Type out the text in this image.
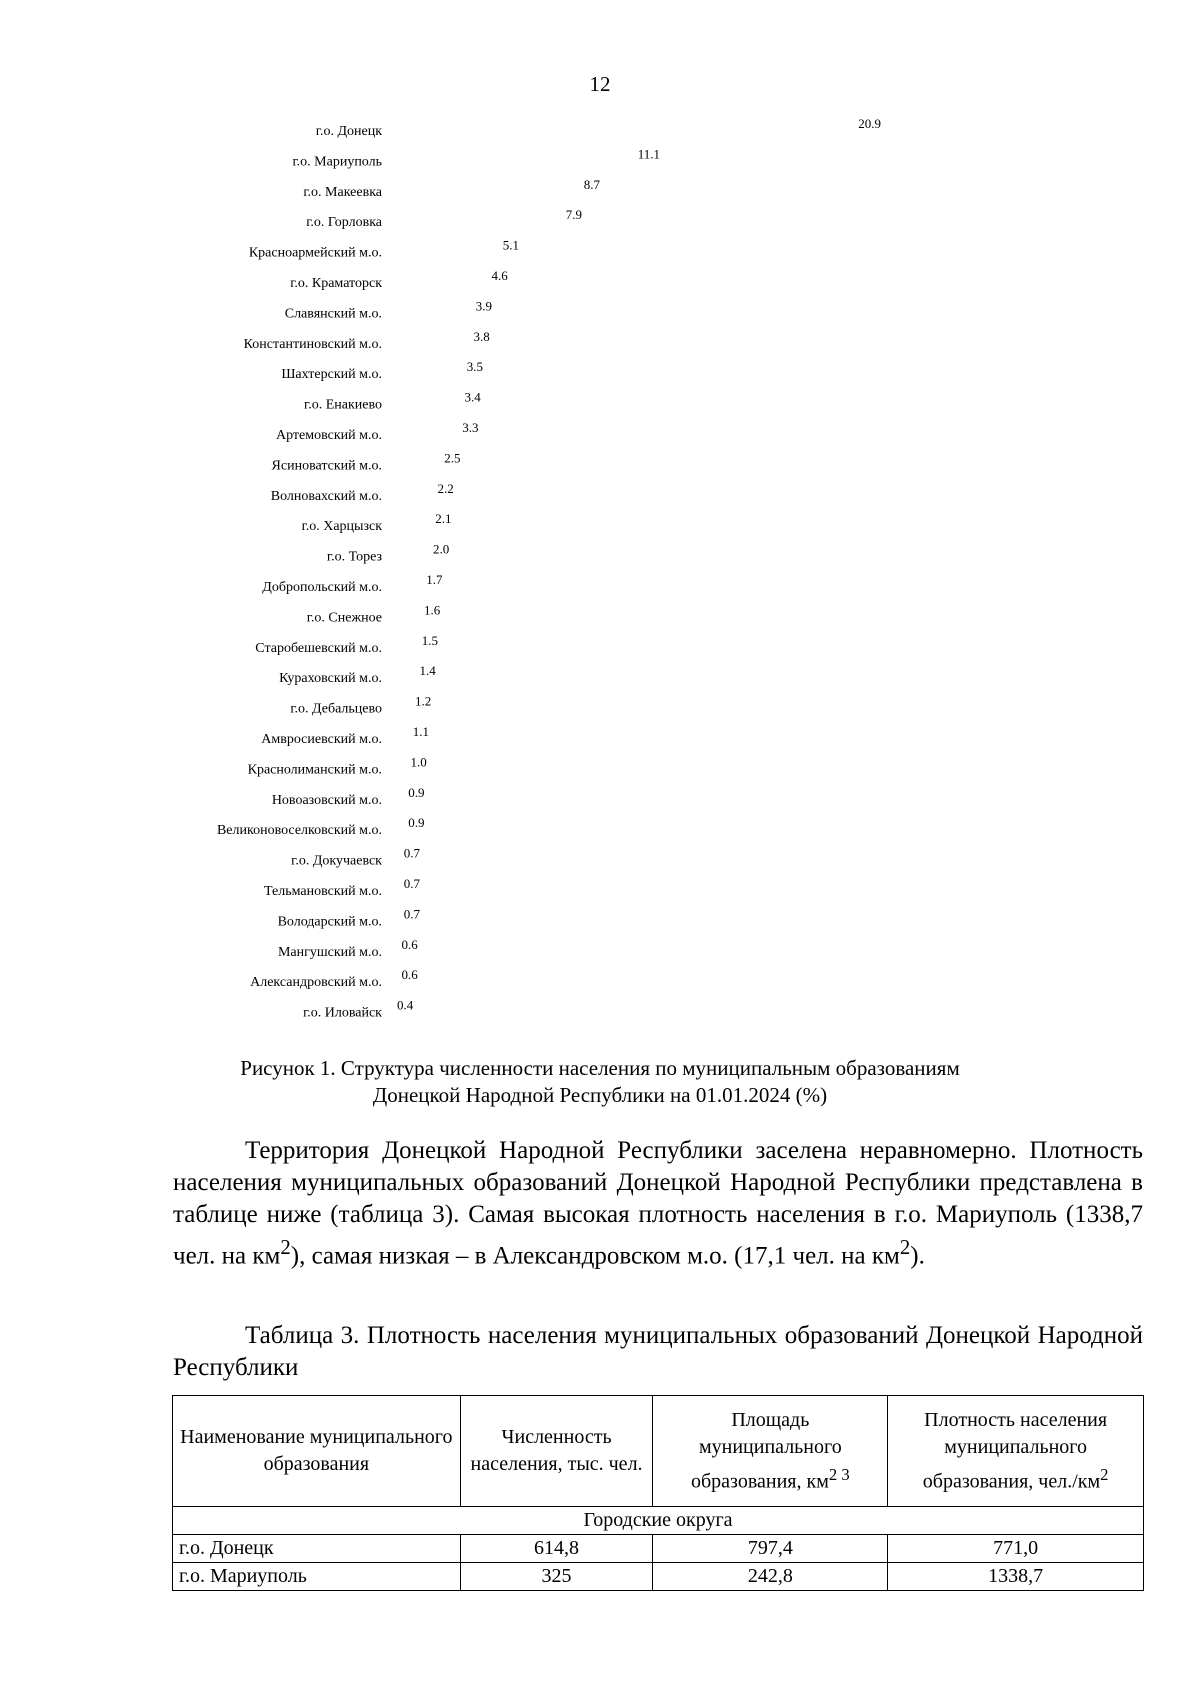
12
г.о. Донецк
20.9
г.о. Мариуполь
11.1
г.о. Макеевка
8.7
г.о. Горловка
7.9
Красноармейский м.о.
5.1
г.о. Краматорск
4.6
Славянский м.о.
3.9
Константиновский м.о.
3.8
Шахтерский м.о.
3.5
г.о. Енакиево
3.4
Артемовский м.о.
3.3
Ясиноватский м.о.
2.5
Волновахский м.о.
2.2
г.о. Харцызск
2.1
г.о. Торез
2.0
Добропольский м.о.
1.7
г.о. Снежное
1.6
Старобешевский м.о.
1.5
Кураховский м.о.
1.4
г.о. Дебальцево
1.2
Амвросиевский м.о.
1.1
Краснолиманский м.о.
1.0
Новоазовский м.о.
0.9
Великоновоселковский м.о.
0.9
г.о. Докучаевск
0.7
Тельмановский м.о.
0.7
Володарский м.о.
0.7
Мангушский м.о.
0.6
Александровский м.о.
0.6
г.о. Иловайск
0.4
Рисунок 1. Структура численности населения по муниципальным образованиям
Донецкой Народной Республики на 01.01.2024 (%)

Территория Донецкой Народной Республики заселена неравномерно. Плотность населения муниципальных образований Донецкой Народной Республики представлена в таблице ниже (таблица 3). Самая высокая плотность населения в г.о. Мариуполь (1338,7 чел. на $км^2$), самая низкая – в Александровском м.о. (17,1 чел. на $км^2$).

Таблица 3. Плотность населения муниципальных образований Донецкой Народной Республики

Наименование муниципального образования	Численность населения, тыс. чел.	Площадь муниципального образования, $км^{2 3}$	Плотность населения муниципального образования, $чел./км^2$
Городские округа			
г.о. Донецк	614,8	797,4	771,0
г.о. Мариуполь	325	242,8	1338,7
